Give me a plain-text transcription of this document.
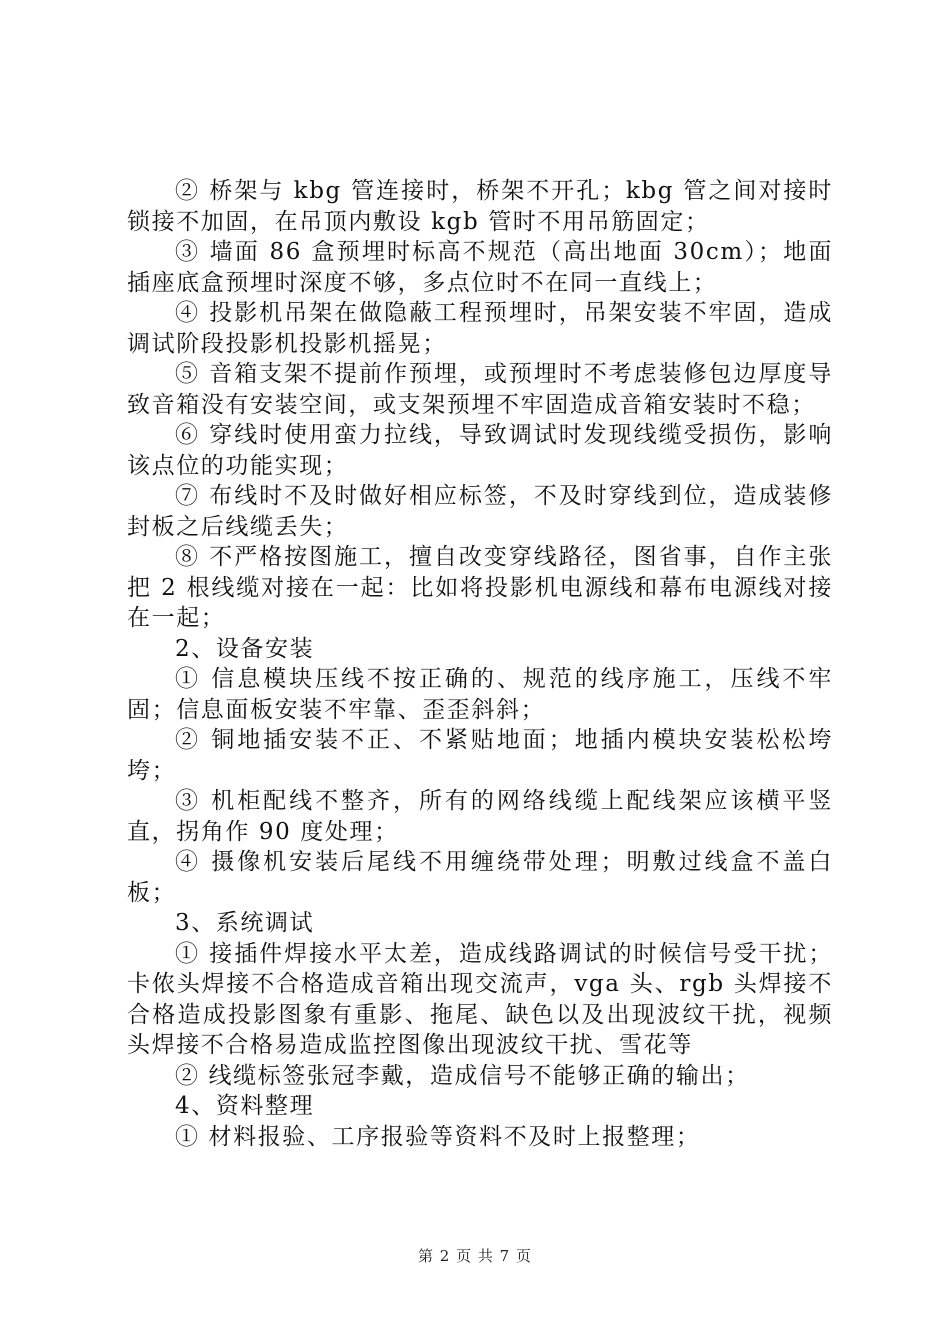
② 桥架与 kbg 管连接时，桥架不开孔；kbg 管之间对接时锁接不加固，在吊顶内敷设 kgb 管时不用吊筋固定；

③ 墙面 86 盒预埋时标高不规范（高出地面 30cm）；地面插座底盒预埋时深度不够，多点位时不在同一直线上；

④ 投影机吊架在做隐蔽工程预埋时，吊架安装不牢固，造成调试阶段投影机投影机摇晃；

⑤ 音箱支架不提前作预埋，或预埋时不考虑装修包边厚度导致音箱没有安装空间，或支架预埋不牢固造成音箱安装时不稳；

⑥ 穿线时使用蛮力拉线，导致调试时发现线缆受损伤，影响该点位的功能实现；

⑦ 布线时不及时做好相应标签，不及时穿线到位，造成装修封板之后线缆丢失；

⑧ 不严格按图施工，擅自改变穿线路径，图省事，自作主张把 2 根线缆对接在一起：比如将投影机电源线和幕布电源线对接在一起；

2、设备安装

① 信息模块压线不按正确的、规范的线序施工，压线不牢固；信息面板安装不牢靠、歪歪斜斜；

② 铜地插安装不正、不紧贴地面；地插内模块安装松松垮垮；

③ 机柜配线不整齐，所有的网络线缆上配线架应该横平竖直，拐角作 90 度处理；

④ 摄像机安装后尾线不用缠绕带处理；明敷过线盒不盖白板；

3、系统调试

① 接插件焊接水平太差，造成线路调试的时候信号受干扰；卡侬头焊接不合格造成音箱出现交流声，vga 头、rgb 头焊接不合格造成投影图象有重影、拖尾、缺色以及出现波纹干扰，视频头焊接不合格易造成监控图像出现波纹干扰、雪花等

② 线缆标签张冠李戴，造成信号不能够正确的输出；

4、资料整理

① 材料报验、工序报验等资料不及时上报整理；

第 2 页 共 7 页
